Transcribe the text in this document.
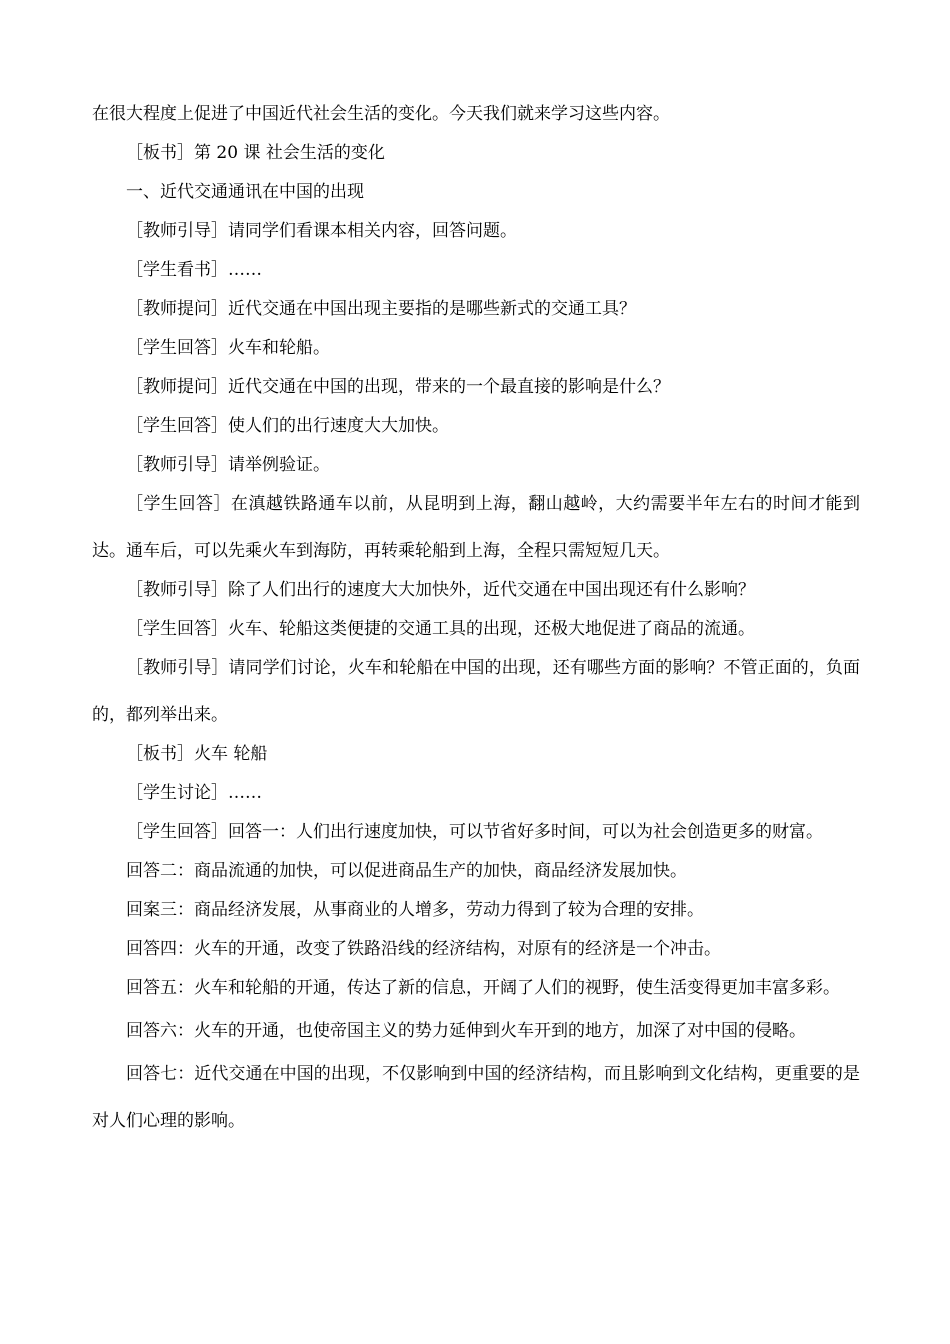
在很大程度上促进了中国近代社会生活的变化。今天我们就来学习这些内容。

［板书］第 20 课 社会生活的变化

一、近代交通通讯在中国的出现

［教师引导］请同学们看课本相关内容，回答问题。

［学生看书］……

［教师提问］近代交通在中国出现主要指的是哪些新式的交通工具？

［学生回答］火车和轮船。

［教师提问］近代交通在中国的出现，带来的一个最直接的影响是什么？

［学生回答］使人们的出行速度大大加快。

［教师引导］请举例验证。

［学生回答］在滇越铁路通车以前，从昆明到上海，翻山越岭，大约需要半年左右的时间才能到达。通车后，可以先乘火车到海防，再转乘轮船到上海，全程只需短短几天。

［教师引导］除了人们出行的速度大大加快外，近代交通在中国出现还有什么影响？

［学生回答］火车、轮船这类便捷的交通工具的出现，还极大地促进了商品的流通。

［教师引导］请同学们讨论，火车和轮船在中国的出现，还有哪些方面的影响？不管正面的，负面的，都列举出来。

［板书］火车 轮船

［学生讨论］……

［学生回答］回答一：人们出行速度加快，可以节省好多时间，可以为社会创造更多的财富。

回答二：商品流通的加快，可以促进商品生产的加快，商品经济发展加快。

回案三：商品经济发展，从事商业的人增多，劳动力得到了较为合理的安排。

回答四：火车的开通，改变了铁路沿线的经济结构，对原有的经济是一个冲击。

回答五：火车和轮船的开通，传达了新的信息，开阔了人们的视野，使生活变得更加丰富多彩。

回答六：火车的开通，也使帝国主义的势力延伸到火车开到的地方，加深了对中国的侵略。

回答七：近代交通在中国的出现，不仅影响到中国的经济结构，而且影响到文化结构，更重要的是对人们心理的影响。
